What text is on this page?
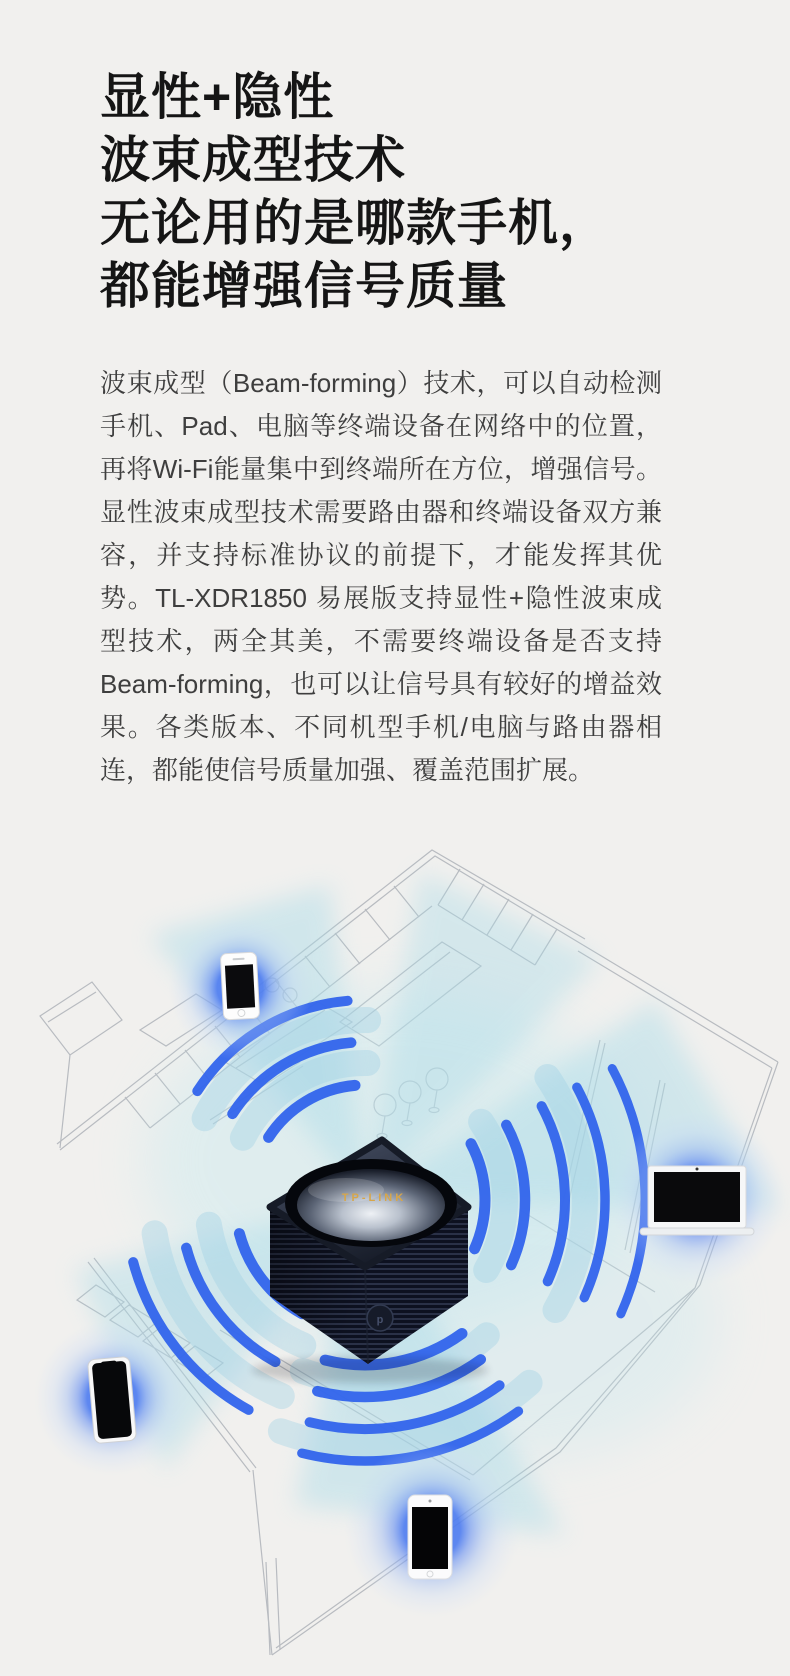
显性+隐性
波束成型技术
无论用的是哪款手机，
都能增强信号质量
波束成型（Beam-forming）技术，可以自动检测手机、Pad、电脑等终端设备在网络中的位置，再将Wi-Fi能量集中到终端所在方位，增强信号。显性波束成型技术需要路由器和终端设备双方兼容，并支持标准协议的前提下，才能发挥其优势。TL-XDR1850 易展版支持显性+隐性波束成型技术，两全其美，不需要终端设备是否支持Beam-forming，也可以让信号具有较好的增益效果。各类版本、不同机型手机/电脑与路由器相连，都能使信号质量加强、覆盖范围扩展。
TP-LINK
p
